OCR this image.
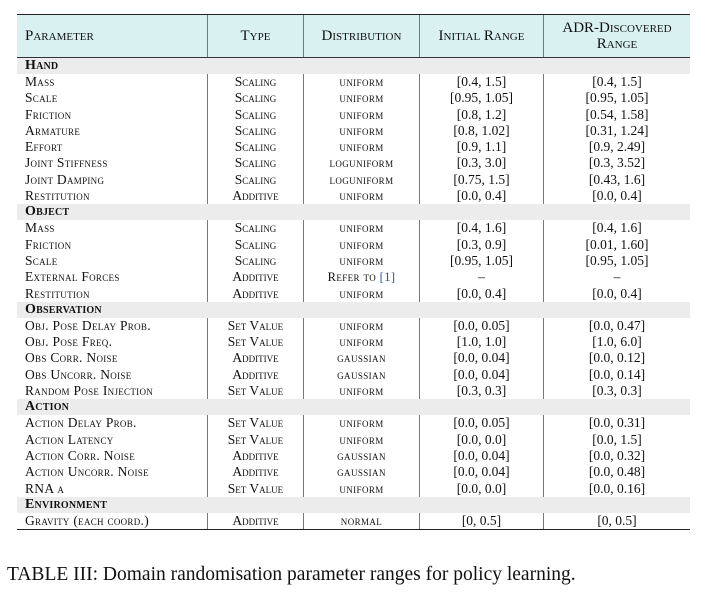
Parameter	Type	Distribution	Initial Range	ADR-Discovered Range
Hand
Mass	Scaling	uniform	[0.4, 1.5]	[0.4, 1.5]
Scale	Scaling	uniform	[0.95, 1.05]	[0.95, 1.05]
Friction	Scaling	uniform	[0.8, 1.2]	[0.54, 1.58]
Armature	Scaling	uniform	[0.8, 1.02]	[0.31, 1.24]
Effort	Scaling	uniform	[0.9, 1.1]	[0.9, 2.49]
Joint Stiffness	Scaling	loguniform	[0.3, 3.0]	[0.3, 3.52]
Joint Damping	Scaling	loguniform	[0.75, 1.5]	[0.43, 1.6]
Restitution	Additive	uniform	[0.0, 0.4]	[0.0, 0.4]
Object
Mass	Scaling	uniform	[0.4, 1.6]	[0.4, 1.6]
Friction	Scaling	uniform	[0.3, 0.9]	[0.01, 1.60]
Scale	Scaling	uniform	[0.95, 1.05]	[0.95, 1.05]
External Forces	Additive	Refer to [1]	–	–
Restitution	Additive	uniform	[0.0, 0.4]	[0.0, 0.4]
Observation
Obj. Pose Delay Prob.	Set Value	uniform	[0.0, 0.05]	[0.0, 0.47]
Obj. Pose Freq.	Set Value	uniform	[1.0, 1.0]	[1.0, 6.0]
Obs Corr. Noise	Additive	gaussian	[0.0, 0.04]	[0.0, 0.12]
Obs Uncorr. Noise	Additive	gaussian	[0.0, 0.04]	[0.0, 0.14]
Random Pose Injection	Set Value	uniform	[0.3, 0.3]	[0.3, 0.3]
Action
Action Delay Prob.	Set Value	uniform	[0.0, 0.05]	[0.0, 0.31]
Action Latency	Set Value	uniform	[0.0, 0.0]	[0.0, 1.5]
Action Corr. Noise	Additive	gaussian	[0.0, 0.04]	[0.0, 0.32]
Action Uncorr. Noise	Additive	gaussian	[0.0, 0.04]	[0.0, 0.48]
RNA α	Set Value	uniform	[0.0, 0.0]	[0.0, 0.16]
Environment
Gravity (each coord.)	Additive	normal	[0, 0.5]	[0, 0.5]
TABLE III: Domain randomisation parameter ranges for policy learning.
